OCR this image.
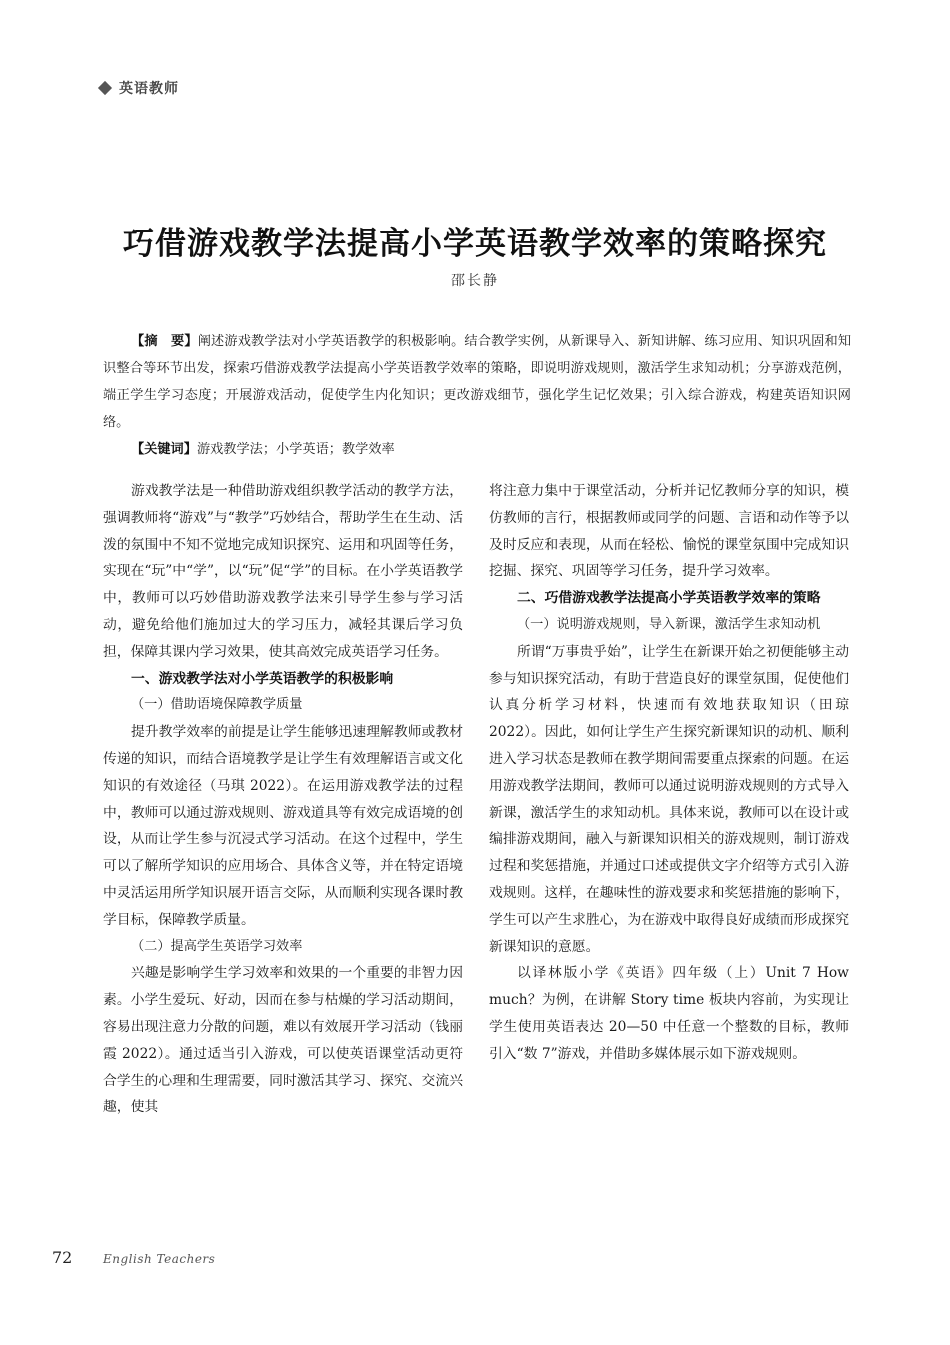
英语教师
巧借游戏教学法提高小学英语教学效率的策略探究
邵长静
【摘　要】阐述游戏教学法对小学英语教学的积极影响。结合教学实例，从新课导入、新知讲解、练习应用、知识巩固和知识整合等环节出发，探索巧借游戏教学法提高小学英语教学效率的策略，即说明游戏规则，激活学生求知动机；分享游戏范例，端正学生学习态度；开展游戏活动，促使学生内化知识；更改游戏细节，强化学生记忆效果；引入综合游戏，构建英语知识网络。
【关键词】游戏教学法；小学英语；教学效率

游戏教学法是一种借助游戏组织教学活动的教学方法，强调教师将“游戏”与“教学”巧妙结合，帮助学生在生动、活泼的氛围中不知不觉地完成知识探究、运用和巩固等任务，实现在“玩”中“学”，以“玩”促“学”的目标。在小学英语教学中，教师可以巧妙借助游戏教学法来引导学生参与学习活动，避免给他们施加过大的学习压力，减轻其课后学习负担，保障其课内学习效果，使其高效完成英语学习任务。

一、游戏教学法对小学英语教学的积极影响
（一）借助语境保障教学质量

提升教学效率的前提是让学生能够迅速理解教师或教材传递的知识，而结合语境教学是让学生有效理解语言或文化知识的有效途径（马琪 2022）。在运用游戏教学法的过程中，教师可以通过游戏规则、游戏道具等有效完成语境的创设，从而让学生参与沉浸式学习活动。在这个过程中，学生可以了解所学知识的应用场合、具体含义等，并在特定语境中灵活运用所学知识展开语言交际，从而顺利实现各课时教学目标，保障教学质量。

（二）提高学生英语学习效率

兴趣是影响学生学习效率和效果的一个重要的非智力因素。小学生爱玩、好动，因而在参与枯燥的学习活动期间，容易出现注意力分散的问题，难以有效展开学习活动（钱丽霞 2022）。通过适当引入游戏，可以使英语课堂活动更符合学生的心理和生理需要，同时激活其学习、探究、交流兴趣，使其

将注意力集中于课堂活动，分析并记忆教师分享的知识，模仿教师的言行，根据教师或同学的问题、言语和动作等予以及时反应和表现，从而在轻松、愉悦的课堂氛围中完成知识挖掘、探究、巩固等学习任务，提升学习效率。

二、巧借游戏教学法提高小学英语教学效率的策略
（一）说明游戏规则，导入新课，激活学生求知动机

所谓“万事贵乎始”，让学生在新课开始之初便能够主动参与知识探究活动，有助于营造良好的课堂氛围，促使他们认真分析学习材料，快速而有效地获取知识（田琼 2022）。因此，如何让学生产生探究新课知识的动机、顺利进入学习状态是教师在教学期间需要重点探索的问题。在运用游戏教学法期间，教师可以通过说明游戏规则的方式导入新课，激活学生的求知动机。具体来说，教师可以在设计或编排游戏期间，融入与新课知识相关的游戏规则，制订游戏过程和奖惩措施，并通过口述或提供文字介绍等方式引入游戏规则。这样，在趣味性的游戏要求和奖惩措施的影响下，学生可以产生求胜心，为在游戏中取得良好成绩而形成探究新课知识的意愿。

以译林版小学《英语》四年级（上）Unit 7 How much？为例，在讲解 Story time 板块内容前，为实现让学生使用英语表达 20—50 中任意一个整数的目标，教师引入“数 7”游戏，并借助多媒体展示如下游戏规则。

72	English Teachers
